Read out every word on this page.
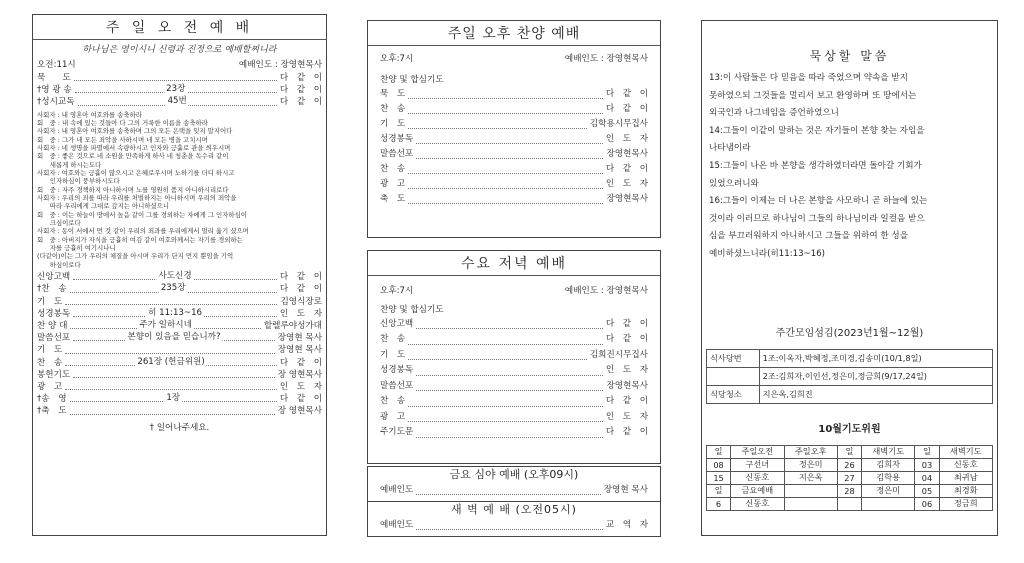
주 일 오 전 예 배
하나님은 영이시니 신령과 진정으로 예배할찌니라
오전:11시	예배인도 : 장영현목사
묵　　도	다　같　이
†영 광 송	23장	다　같　이
†성시교독	45번	다　같　이
사회자 : 내 영혼아 여호와를 송축하라
회　중 : 내 속에 있는 것들아 다 그의 거룩한 이름을 송축하라
사회자 : 내 영혼아 여호와를 송축하며 그의 모든 은택을 잊지 말지어다
회　중 : 그가 네 모든 죄악을 사하시며 네 모든 병을 고치시며
사회자 : 네 생명을 파멸에서 속량하시고 인자와 긍휼로 관을 씌우시며
회　중 : 좋은 것으로 네 소원을 만족하게 하사 네 청춘을 독수리 같이
　　새롭게 하시는도다
사회자 : 여호와는 긍휼이 많으시고 은혜로우시며 노하기를 더디 하시고
　　인자하심이 풍부하시도다
회　중 : 자주 경책하지 아니하시며 노를 영원히 품지 아니하시리로다
사회자 : 우리의 죄를 따라 우리를 처벌하지는 아니하시며 우리의 죄악을
　　따라 우리에게 그대로 갚지는 아니하셨으니
회　중 : 이는 하늘이 땅에서 높음 같이 그를 경외하는 자에게 그 인자하심이
　　크심이로다
사회자 : 동이 서에서 먼 것 같이 우리의 죄과를 우리에게서 멀리 옮기 셨으며
회　중 : 아버지가 자식을 긍휼히 여김 같이 여호와께서는 자기를 경외하는
　　자를 긍휼히 여기시나니
(다같이)이는 그가 우리의 체질을 아시며 우리가 단지 먼지 뿐임을 기억
　　하심이로다
신앙고백	사도신경	다　같　이
†찬　송	235장	다　같　이
기　도	김영식장로
성경봉독	히 11:13~16	인　도　자
찬 양 대	주가 일하시네	할렐루야성가대
말씀선포	본향이 있음을 믿습니까?	장영현 목사
기　도	장영현 목사
찬　송	261장 (헌금위원)	다　같　이
봉헌기도	장 영현목사
광　고	인　도　자
†송　영	1장	다　같　이
†축　도	장 영현목사
† 일어나주세요.
주일 오후 찬양 예배
오후:7시	예배인도 : 장영현목사
찬양 및 합심기도
묵　도	다　같　이
찬　송	다　같　이
기　도	김학용시무집사
성경봉독	인　도　자
말씀선포	장영현목사
찬　송	다　같　이
광　고	인　도　자
축　도	장영현목사
수요 저녁 예배
오후:7시	예배인도 : 장영현목사
찬양 및 합심기도
신앙고백	다　같　이
찬　송	다　같　이
기　도	김희진시무집사
성경봉독	인　도　자
말씀선포	장영현목사
찬　송	다　같　이
광　고	인　도　자
주기도문	다　같　이
금요 심야 예배 (오후09시)
예배인도	장영현 목사
새 벽 예 배 (오전05시)
예배인도	교　역　자
묵상할 말씀
13:이 사람들은 다 믿음을 따라 죽었으며 약속을 받지
못하였으되 그것들을 멀리서 보고 환영하며 또 땅에서는
외국인과 나그네임을 증언하였으니
14:그들이 이같이 말하는 것은 자기들이 본향 찾는 자임을
나타냄이라
15:그들이 나온 바 본향을 생각하였더라면 돌아갈 기회가
있었으려니와
16:그들이 이제는 더 나은 본향을 사모하니 곧 하늘에 있는
것이라 이러므로 하나님이 그들의 하나님이라 일컬음 받으
심을 부끄러워하지 아니하시고 그들을 위하여 한 성을
예비하셨느니라(히11:13~16)
주간모임섬김(2023년1월~12월)
식사당번	1조:이옥자,박혜정,조미경,김송미(10/1,8일)
	2조:김희자,이인선,정은미,정금희(9/17,24일)
식당청소	지은옥,김희진
10월기도위원
일	주일오전	주일오후	일	새벽기도	일	새벽기도
08	구선녀	정은미	26	김희자	03	신동호
15	신동호	지은옥	27	김학용	04	최귀남
일	금요예배		28	정은미	05	최경화
6	신동호				06	정금희
